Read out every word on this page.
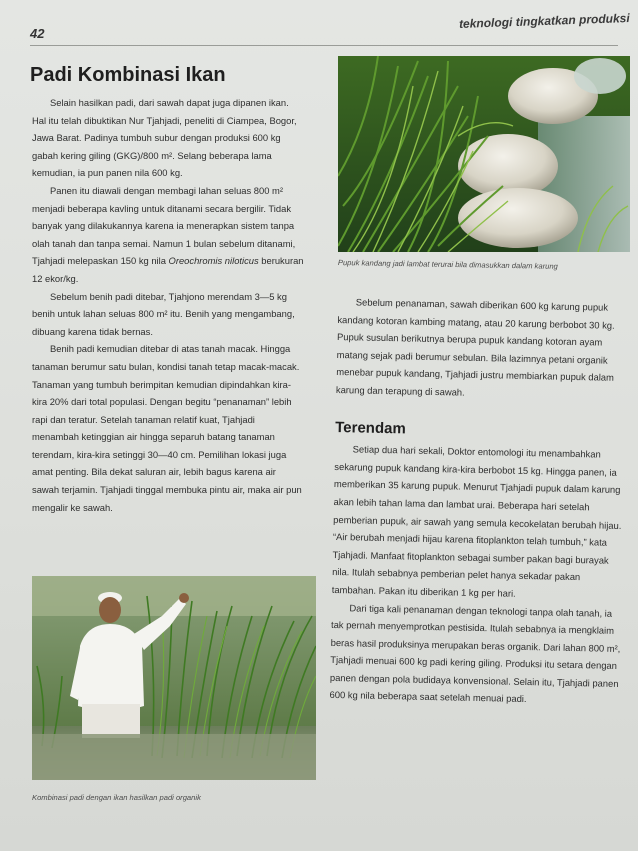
42
teknologi tingkatkan produksi
Padi Kombinasi Ikan

Selain hasilkan padi, dari sawah dapat juga dipanen ikan. Hal itu telah dibuktikan Nur Tjahjadi, peneliti di Ciampea, Bogor, Jawa Barat. Padinya tumbuh subur dengan produksi 600 kg gabah kering giling (GKG)/800 m². Selang beberapa lama kemudian, ia pun panen nila 600 kg.

Panen itu diawali dengan membagi lahan seluas 800 m² menjadi beberapa kavling untuk ditanami secara bergilir. Tidak banyak yang dilakukannya karena ia menerapkan sistem tanpa olah tanah dan tanpa semai. Namun 1 bulan sebelum ditanami, Tjahjadi melepaskan 150 kg nila Oreochromis niloticus berukuran 12 ekor/kg.

Sebelum benih padi ditebar, Tjahjono merendam 3—5 kg benih untuk lahan seluas 800 m² itu. Benih yang mengambang, dibuang karena tidak bernas.

Benih padi kemudian ditebar di atas tanah macak. Hingga tanaman berumur satu bulan, kondisi tanah tetap macak-macak. Tanaman yang tumbuh berimpitan kemudian dipindahkan kira-kira 20% dari total populasi. Dengan begitu “penanaman” lebih rapi dan teratur. Setelah tanaman relatif kuat, Tjahjadi menambah ketinggian air hingga separuh batang tanaman terendam, kira-kira setinggi 30—40 cm. Pemilihan lokasi juga amat penting. Bila dekat saluran air, lebih bagus karena air sawah terjamin. Tjahjadi tinggal membuka pintu air, maka air pun mengalir ke sawah.

Pupuk kandang jadi lambat terurai bila dimasukkan dalam karung

Sebelum penanaman, sawah diberikan 600 kg karung pupuk kandang kotoran kambing matang, atau 20 karung berbobot 30 kg. Pupuk susulan berikutnya berupa pupuk kandang kotoran ayam matang sejak padi berumur sebulan. Bila lazimnya petani organik menebar pupuk kandang, Tjahjadi justru membiarkan pupuk dalam karung dan terapung di sawah.

Terendam

Setiap dua hari sekali, Doktor entomologi itu menambahkan sekarung pupuk kandang kira-kira berbobot 15 kg. Hingga panen, ia memberikan 35 karung pupuk. Menurut Tjahjadi pupuk dalam karung akan lebih tahan lama dan lambat urai. Beberapa hari setelah pemberian pupuk, air sawah yang semula kecokelatan berubah hijau. “Air berubah menjadi hijau karena fitoplankton telah tumbuh,” kata Tjahjadi. Manfaat fitoplankton sebagai sumber pakan bagi burayak nila. Itulah sebabnya pemberian pelet hanya sekadar pakan tambahan. Pakan itu diberikan 1 kg per hari.

Dari tiga kali penanaman dengan teknologi tanpa olah tanah, ia tak pernah menyemprotkan pestisida. Itulah sebabnya ia mengklaim beras hasil produksinya merupakan beras organik. Dari lahan 800 m², Tjahjadi menuai 600 kg padi kering giling. Produksi itu setara dengan panen dengan pola budidaya konvensional. Selain itu, Tjahjadi panen 600 kg nila beberapa saat setelah menuai padi.

Kombinasi padi dengan ikan hasilkan padi organik
